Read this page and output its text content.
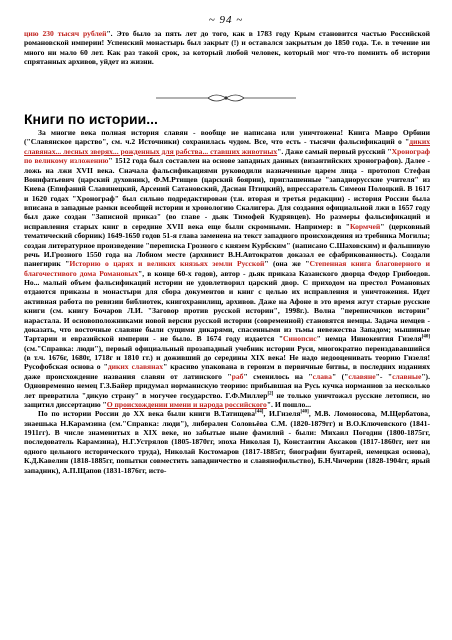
~ 94 ~

цию 230 тысяч рублей". Это было за пять лет до того, как в 1783 году Крым становится частью Российской романовской империи! Успенский монастырь был закрыт (!) и оставался закрытым до 1850 года. Т.е. в течение ни много ни мало 60 лет. Как раз такой срок, за который любой человек, который мог что-то помнить об истории спрятанных архивов, уйдет из жизни.

Книги по истории...

За многие века полная история славян - вообще не написана или уничтожена! Книга Мавро Орбини ("Славянское царство", см. ч.2 Источники) сохранилась чудом. Все, что есть - тысячи фальсификаций о "диких славянах... лесных зверях... рожденных для рабства... ставших животных". Даже самый первый русский "Хронограф по великому изложению" 1512 года был составлен на основе западных данных (византийских хронографов). Далее - ложь на лжи XVII века. Сначала фальсификациями руководили назначенные царем лица - протопоп Стефан Вонифатьевич (царский духовник), Ф.М.Ртищев (царский боярин), приглашенные "западнорусские учителя" из Киева (Епифаний Славинецкий, Арсений Сатановский, Дасиан Птицкий), впрессаратель Симеон Полоцкий. В 1617 и 1620 годах "Хронограф" был сильно подредактирован (т.н. вторая и третья редакции) - история России была вписана в западные рамки всеобщей истории и хронологию Скалигера. Для создания официальной лжи в 1657 году был даже создан "Записной приказ" (во главе - дьяк Тимофей Кудрявцев). Но размеры фальсификаций и исправления старых книг в середине XVII века еще были скромными. Например: в "Кормчей" (церковный тематический сборник) 1649-1650 годов 51-я глава заменена на текст западного происхождения из требника Могилы; создан литературное произведение "переписка Грозного с князем Курбским" (написано С.Шаховским) и фальшивую речь И.Грозного 1550 года на Лобном месте (архивист В.Н.Автократов доказал ее сфабрикованность). Создали панегирик "Историю о царях и великих князьях земли Русской" (она же "Степенная книга благоверного и благочестивого дома Романовых", в конце 60-х годов), автор - дьяк приказа Казанского дворца Федор Грибоедов. Но... малый объем фальсификаций истории не удовлетворил царский двор. С приходом на престол Романовых отдаются приказы в монастыри для сбора документов и книг с целью их исправления и уничтожения. Идет активная работа по ревизии библиотек, книгохранилищ, архивов. Даже на Афоне в это время жгут старые русские книги (см. книгу Бочаров Л.И. "Заговор против русской истории", 1998г.). Волна "переписчиков истории" нарастала. И основоположниками новой версии русской истории (современной) становятся немцы. Задача немцев - доказать, что восточные славяне были сущими дикарями, спасенными из тьмы невежества Западом; мышиные Тартарии и евразийской империи - не было. В 1674 году издается "Синопсис" немца Иннокентия Гизеля[40](см."Справка: люди"), первый официальный прозападный учебник истории Руси, многократно переиздававшийся (в т.ч. 1676г, 1680г, 1718г и 1810 гг.) и доживший до середины XIX века! Не надо недооценивать теорию Гизеля! Русофобская основа о "диких славянах" красиво упакована в героизм в первичные битвы, в последних изданиях даже происхождение названия славян от латинского "раб" сменилось на "слава" ("славяне"- "славные"). Одновременно немец Г.З.Байер придумал норманнскую теорию: прибывшая на Русь кучка норманнов за несколько лет превратила "дикую страну" в могучее государство. Г.Ф.Миллер[2] не только уничтожал русские летописи, но защитил диссертацию "О происхождении имени и народа российского". И пошло...
По по истории России до XX века были книги В.Татищева[44], И.Гизеля[40], М.В. Ломоносова, М.Щербатова, знаешька Н.Карамзина (см."Справка: люди"), либерален Соловьёва С.М. (1820-1879гг) и В.О.Ключевского (1841-1911гг). В числе знаменитых в XIX веке, но забытые ныне фамилий - были: Михаил Погодин (1800-1875гг, последователь Карамзина), Н.Г.Устрялов (1805-1870гг, эпоха Николая I), Константин Аксаков (1817-1860гг, нет ни одного цельного исторического труда), Николай Костомаров (1817-1885гг, биографии бунтарей, немецкая основа), К.Д.Кавелин (1818-1885гг, попытки совместить западничество и славянофильство), Б.Н.Чичерин (1828-1904гг, ярый западник), А.П.Щапов (1831-1876гг, исто-
